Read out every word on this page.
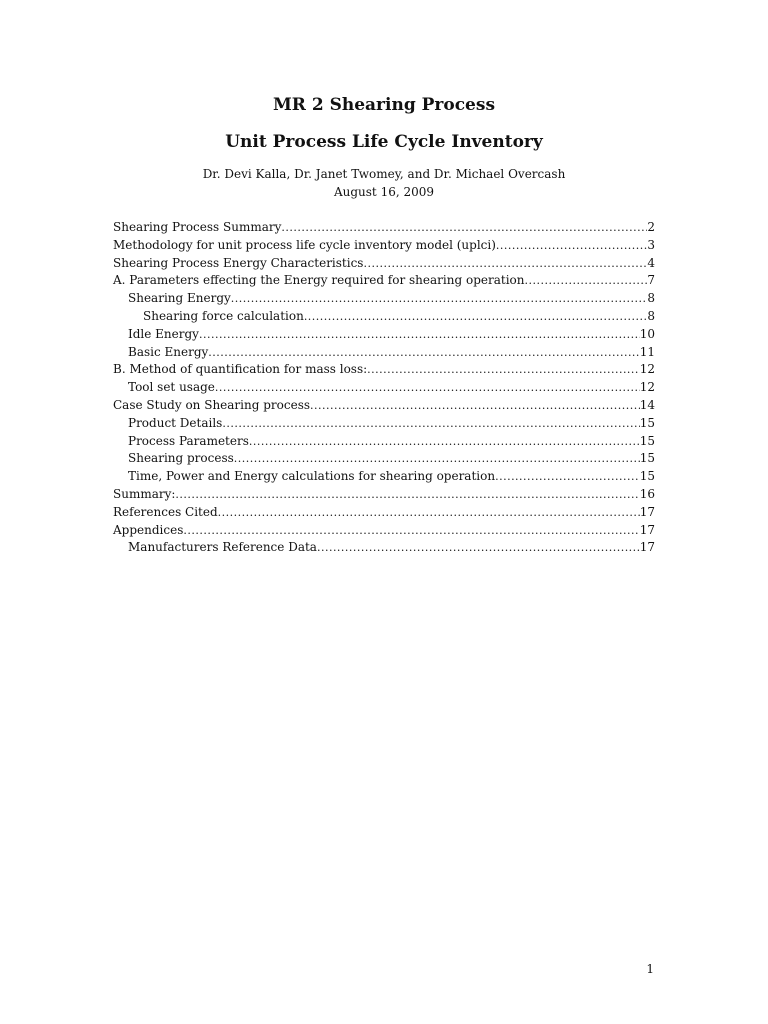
MR 2 Shearing Process
Unit Process Life Cycle Inventory
Dr. Devi Kalla, Dr. Janet Twomey, and Dr. Michael Overcash
August 16, 2009
Shearing Process Summary .....	2
Methodology for unit process life cycle inventory model (uplci) .....	3
Shearing Process Energy Characteristics .....	4
A. Parameters effecting the Energy required for shearing operation .....	7
Shearing Energy .....	8
Shearing force calculation .....	8
Idle Energy .....	10
Basic Energy .....	11
B. Method of quantification for mass loss: .....	12
Tool set usage .....	12
Case Study on Shearing process .....	14
Product Details .....	15
Process Parameters .....	15
Shearing process .....	15
Time, Power and Energy calculations for shearing operation .....	15
Summary: .....	16
References Cited .....	17
Appendices .....	17
Manufacturers Reference Data .....	17
1
